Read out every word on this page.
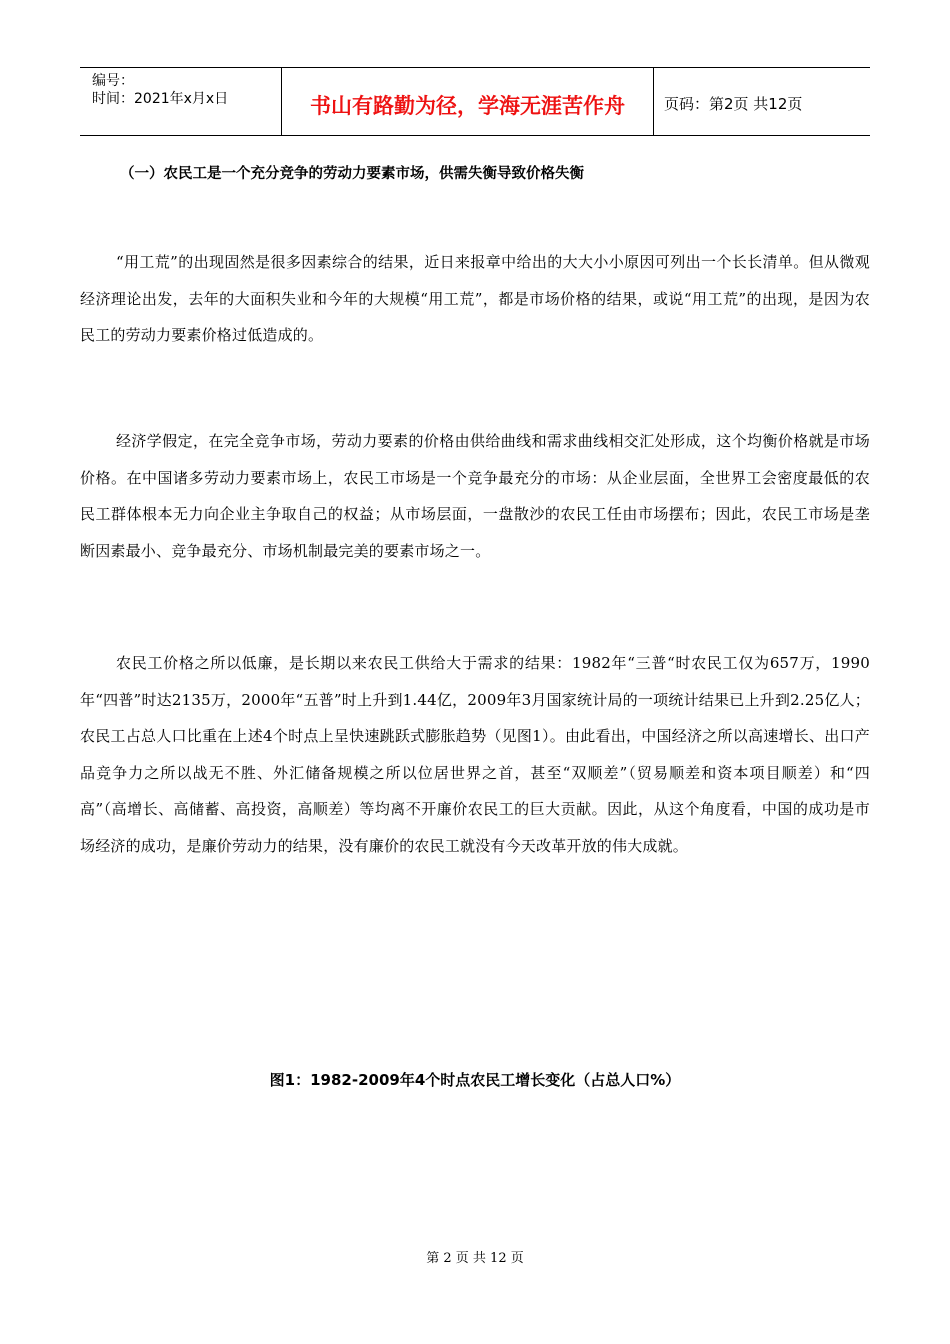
编号：
时间：2021年x月x日	书山有路勤为径，学海无涯苦作舟	页码：第2页 共12页
（一）农民工是一个充分竞争的劳动力要素市场，供需失衡导致价格失衡

“用工荒”的出现固然是很多因素综合的结果，近日来报章中给出的大大小小原因可列出一个长长清单。但从微观经济理论出发，去年的大面积失业和今年的大规模“用工荒”，都是市场价格的结果，或说“用工荒”的出现，是因为农民工的劳动力要素价格过低造成的。

经济学假定，在完全竞争市场，劳动力要素的价格由供给曲线和需求曲线相交汇处形成，这个均衡价格就是市场价格。在中国诸多劳动力要素市场上，农民工市场是一个竞争最充分的市场：从企业层面，全世界工会密度最低的农民工群体根本无力向企业主争取自己的权益；从市场层面，一盘散沙的农民工任由市场摆布；因此，农民工市场是垄断因素最小、竞争最充分、市场机制最完美的要素市场之一。

农民工价格之所以低廉，是长期以来农民工供给大于需求的结果：1982年“三普“时农民工仅为657万，1990年“四普”时达2135万，2000年“五普”时上升到1.44亿，2009年3月国家统计局的一项统计结果已上升到2.25亿人；农民工占总人口比重在上述4个时点上呈快速跳跃式膨胀趋势（见图1）。由此看出，中国经济之所以高速增长、出口产品竞争力之所以战无不胜、外汇储备规模之所以位居世界之首，甚至“双顺差”（贸易顺差和资本项目顺差）和“四高”（高增长、高储蓄、高投资，高顺差）等均离不开廉价农民工的巨大贡献。因此，从这个角度看，中国的成功是市场经济的成功，是廉价劳动力的结果，没有廉价的农民工就没有今天改革开放的伟大成就。

图1：1982-2009年4个时点农民工增长变化（占总人口%）
第 2 页 共 12 页
